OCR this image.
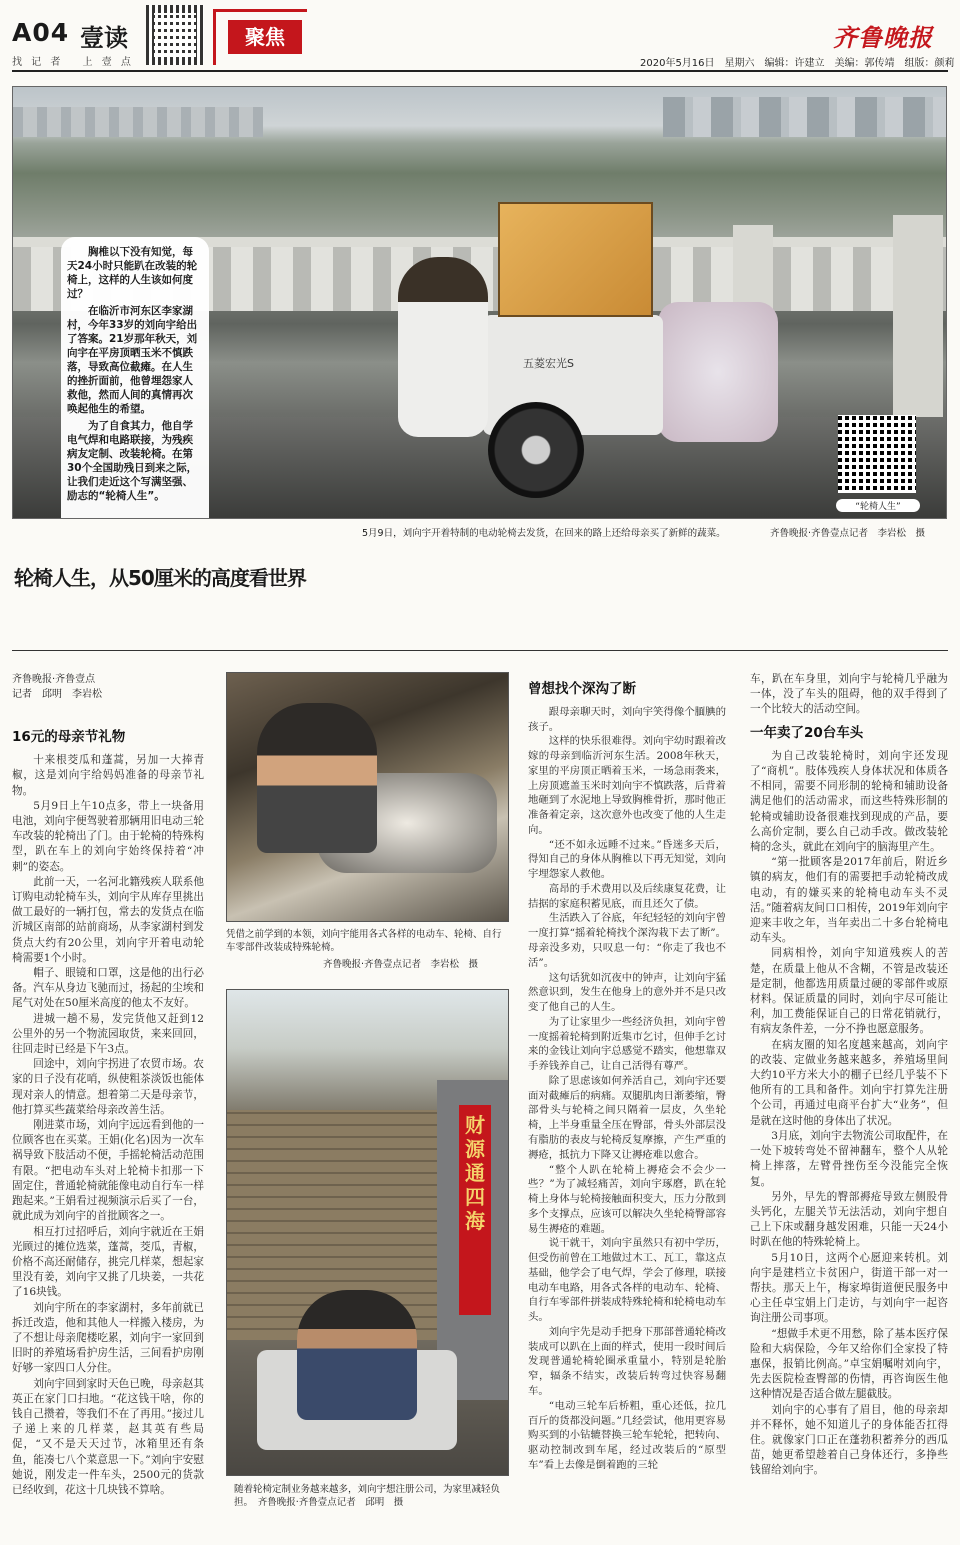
A04 壹读
找 记 者　 上 壹 点
聚焦	齐鲁晚报
2020年5月16日　星期六　编辑：许建立　美编：郭传靖　组版：颜莉
五菱宏光S

胸椎以下没有知觉，每天24小时只能趴在改装的轮椅上，这样的人生该如何度过？

在临沂市河东区李家湖村，今年33岁的刘向宇给出了答案。21岁那年秋天，刘向宇在平房顶晒玉米不慎跌落，导致高位截瘫。在人生的挫折面前，他曾埋怨家人救他，然而人间的真情再次唤起他生的希望。

为了自食其力，他自学电气焊和电路联接，为残疾病友定制、改装轮椅。在第30个全国助残日到来之际，让我们走近这个写满坚强、励志的“轮椅人生”。

“轮椅人生”
5月9日，刘向宇开着特制的电动轮椅去发货，在回来的路上还给母亲买了新鲜的蔬菜。	齐鲁晚报·齐鲁壹点记者　李岩松　摄
轮椅人生，从50厘米的高度看世界
齐鲁晚报·齐鲁壹点
记者　邱明　李岩松
16元的母亲节礼物

十来根茭瓜和蓬蒿，另加一大捧青椒，这是刘向宇给妈妈准备的母亲节礼物。

5月9日上午10点多，带上一块备用电池，刘向宇便驾驶着那辆用旧电动三轮车改装的轮椅出了门。由于轮椅的特殊构型，趴在车上的刘向宇始终保持着“冲刺”的姿态。

此前一天，一名河北籍残疾人联系他订购电动轮椅车头，刘向宇从库存里挑出做工最好的一辆打包，常去的发货点在临沂城区南部的站前商场，从李家湖村到发货点大约有20公里，刘向宇开着电动轮椅需要1个小时。

帽子、眼镜和口罩，这是他的出行必备。汽车从身边飞驰而过，扬起的尘埃和尾气对处在50厘米高度的他太不友好。

进城一趟不易，发完货他又赶到12公里外的另一个物流园取货，来来回回，往回走时已经是下午3点。

回途中，刘向宇拐进了农贸市场。农家的日子没有花哨，纵使粗茶淡饭也能体现对亲人的情意。想着第二天是母亲节，他打算买些蔬菜给母亲改善生活。

刚进菜市场，刘向宇远远看到他的一位顾客也在买菜。王娟(化名)因为一次车祸导致下肢活动不便，手摇轮椅活动范围有限。“把电动车头对上轮椅卡扣那一下固定住，普通轮椅就能像电动自行车一样跑起来。”王娟看过视频演示后买了一台，就此成为刘向宇的首批顾客之一。

相互打过招呼后，刘向宇就近在王娟光顾过的摊位选菜，蓬蒿，茭瓜，青椒，价格不高还耐储存，挑完几样菜，想起家里没有姜，刘向宇又挑了几块姜，一共花了16块钱。

刘向宇所在的李家湖村，多年前就已拆迁改造，他和其他人一样搬入楼房，为了不想让母亲爬楼吃累，刘向宇一家回到旧时的养殖场看护房生活，三间看护房刚好够一家四口人分住。

刘向宇回到家时天色已晚，母亲赵其英正在家门口扫地。“花这钱干啥，你的钱自己攒着，等我们不在了再用。”接过儿子递上来的几样菜，赵其英有些局促，“又不是天天过节，冰箱里还有条鱼，能凑七八个菜意思一下。”刘向宇安慰她说，刚发走一件车头，2500元的货款已经收到，花这十几块钱不算啥。

凭借之前学到的本领，刘向宇能用各式各样的电动车、轮椅、自行车零部件改装成特殊轮椅。
齐鲁晚报·齐鲁壹点记者　李岩松　摄
财源通四海
随着轮椅定制业务越来越多，刘向宇想注册公司，为家里减轻负担。　齐鲁晚报·齐鲁壹点记者　邱明　摄
曾想找个深沟了断

跟母亲聊天时，刘向宇笑得像个腼腆的孩子。

这样的快乐很难得。刘向宇幼时跟着改嫁的母亲到临沂河东生活。2008年秋天，家里的平房顶正晒着玉米，一场急雨袭来，上房顶遮盖玉米时刘向宇不慎跌落，后背着地砸到了水泥地上导致胸椎骨折，那时他正准备着定亲，这次意外也改变了他的人生走向。

“还不如永远睡不过来。”昏迷多天后，得知自己的身体从胸椎以下再无知觉，刘向宇埋怨家人救他。

高昂的手术费用以及后续康复花费，让拮据的家庭积蓄见底，而且还欠了债。

生活跌入了谷底，年纪轻轻的刘向宇曾一度打算“摇着轮椅找个深沟栽下去了断”。母亲没多劝，只叹息一句：“你走了我也不活”。

这句话犹如沉夜中的钟声，让刘向宇猛然意识到，发生在他身上的意外并不是只改变了他自己的人生。

为了让家里少一些经济负担，刘向宇曾一度摇着轮椅到附近集市乞讨，但伸手乞讨来的金钱让刘向宇总感觉不踏实，他想靠双手养钱养自己，让自己活得有尊严。

除了思虑该如何养活自己，刘向宇还要面对截瘫后的病痛。双腿肌肉日渐萎缩，臀部骨头与轮椅之间只隔着一层皮，久坐轮椅，上半身重量全压在臀部，骨头外部层没有脂肪的表皮与轮椅反复摩擦，产生严重的褥疮，抵抗力下降又让褥疮难以愈合。

“整个人趴在轮椅上褥疮会不会少一些？”为了减轻痛苦，刘向宇琢磨，趴在轮椅上身体与轮椅接触面积变大，压力分散到多个支撑点，应该可以解决久坐轮椅臀部容易生褥疮的难题。

说干就干，刘向宇虽然只有初中学历，但受伤前曾在工地做过木工、瓦工，靠这点基础，他学会了电气焊，学会了修理，联接电动车电路，用各式各样的电动车、轮椅、自行车零部件拼装成特殊轮椅和轮椅电动车头。

刘向宇先是动手把身下那部普通轮椅改装成可以趴在上面的样式，使用一段时间后发现普通轮椅轮圈承重量小，特别是轮胎窄，辐条不结实，改装后转弯过快容易翻车。

“电动三轮车后桥粗，重心还低，拉几百斤的货都没问题。”几经尝试，他用更容易购买到的小钻辘替换三轮车轮轮，把转向、驱动控制改到车尾，经过改装后的“原型车”看上去像是倒着跑的三轮

车，趴在车身里，刘向宇与轮椅几乎融为一体，没了车头的阻碍，他的双手得到了一个比较大的活动空间。

一年卖了20台车头

为自己改装轮椅时，刘向宇还发现了“商机”。肢体残疾人身体状况和体质各不相同，需要不同形制的轮椅和辅助设备满足他们的活动需求，而这些特殊形制的轮椅或辅助设备很难找到现成的产品，要么高价定制，要么自己动手改。做改装轮椅的念头，就此在刘向宇的脑海里产生。

“第一批顾客是2017年前后，附近乡镇的病友，他们有的需要把手动轮椅改成电动，有的嫌买来的轮椅电动车头不灵活。”随着病友间口口相传，2019年刘向宇迎来丰收之年，当年卖出二十多台轮椅电动车头。

同病相怜，刘向宇知道残疾人的苦楚，在质量上他从不含糊，不管是改装还是定制，他都选用质量过硬的零部件或原材料。保证质量的同时，刘向宇尽可能让利，加工费能保证自己的日常花销就行，有病友条件差，一分不挣也愿意服务。

在病友圈的知名度越来越高，刘向宇的改装、定做业务越来越多，养殖场里间大约10平方米大小的棚子已经几乎装不下他所有的工具和备件。刘向宇打算先注册个公司，再通过电商平台扩大“业务”，但是就在这时他的身体出了状况。

3月底，刘向宇去物流公司取配件，在一处下坡转弯处不留神翻车，整个人从轮椅上摔落，左臂骨挫伤至今没能完全恢复。

另外，早先的臀部褥疮导致左侧股骨头钙化，左腿关节无法活动，刘向宇想自己上下床或翻身越发困难，只能一天24小时趴在他的特殊轮椅上。

5月10日，这两个心愿迎来转机。刘向宇是建档立卡贫困户，街道干部一对一帮扶。那天上午，梅家埠街道便民服务中心主任卓宝娟上门走访，与刘向宇一起咨询注册公司事项。

“想做手术更不用愁，除了基本医疗保险和大病保险，今年又给你们全家投了特惠保，报销比例高。”卓宝娟嘱咐刘向宇，先去医院检查臀部的伤情，再咨询医生他这种情况是否适合做左腿截肢。

刘向宇的心事有了眉目，他的母亲却并不释怀，她不知道儿子的身体能否扛得住。就像家门口正在蓬勃积蓄养分的西瓜苗，她更希望趁着自己身体还行，多挣些钱留给刘向宇。
